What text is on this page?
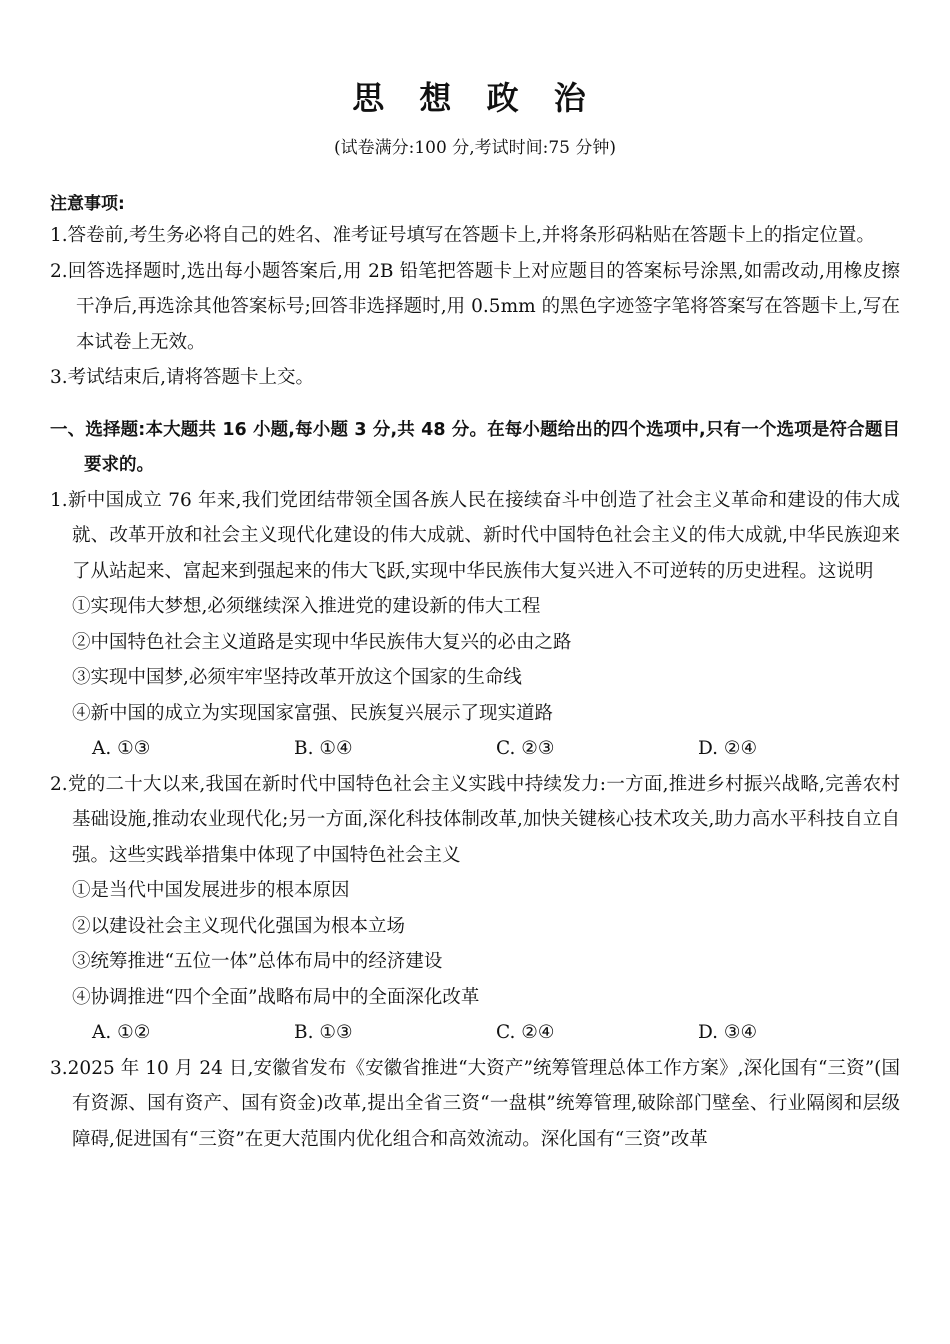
思 想 政 治
(试卷满分:100 分,考试时间:75 分钟)
注意事项:

1.答卷前,考生务必将自己的姓名、准考证号填写在答题卡上,并将条形码粘贴在答题卡上的指定位置。

2.回答选择题时,选出每小题答案后,用 2B 铅笔把答题卡上对应题目的答案标号涂黑,如需改动,用橡皮擦干净后,再选涂其他答案标号;回答非选择题时,用 0.5mm 的黑色字迹签字笔将答案写在答题卡上,写在本试卷上无效。

3.考试结束后,请将答题卡上交。

一、选择题:本大题共 16 小题,每小题 3 分,共 48 分。在每小题给出的四个选项中,只有一个选项是符合题目要求的。

1.新中国成立 76 年来,我们党团结带领全国各族人民在接续奋斗中创造了社会主义革命和建设的伟大成就、改革开放和社会主义现代化建设的伟大成就、新时代中国特色社会主义的伟大成就,中华民族迎来了从站起来、富起来到强起来的伟大飞跃,实现中华民族伟大复兴进入不可逆转的历史进程。这说明

①实现伟大梦想,必须继续深入推进党的建设新的伟大工程

②中国特色社会主义道路是实现中华民族伟大复兴的必由之路

③实现中国梦,必须牢牢坚持改革开放这个国家的生命线

④新中国的成立为实现国家富强、民族复兴展示了现实道路

A. ①③	B. ①④	C. ②③	D. ②④

2.党的二十大以来,我国在新时代中国特色社会主义实践中持续发力:一方面,推进乡村振兴战略,完善农村基础设施,推动农业现代化;另一方面,深化科技体制改革,加快关键核心技术攻关,助力高水平科技自立自强。这些实践举措集中体现了中国特色社会主义

①是当代中国发展进步的根本原因

②以建设社会主义现代化强国为根本立场

③统筹推进“五位一体”总体布局中的经济建设

④协调推进“四个全面”战略布局中的全面深化改革

A. ①②	B. ①③	C. ②④	D. ③④

3.2025 年 10 月 24 日,安徽省发布《安徽省推进“大资产”统筹管理总体工作方案》,深化国有“三资”(国有资源、国有资产、国有资金)改革,提出全省三资“一盘棋”统筹管理,破除部门壁垒、行业隔阂和层级障碍,促进国有“三资”在更大范围内优化组合和高效流动。深化国有“三资”改革
